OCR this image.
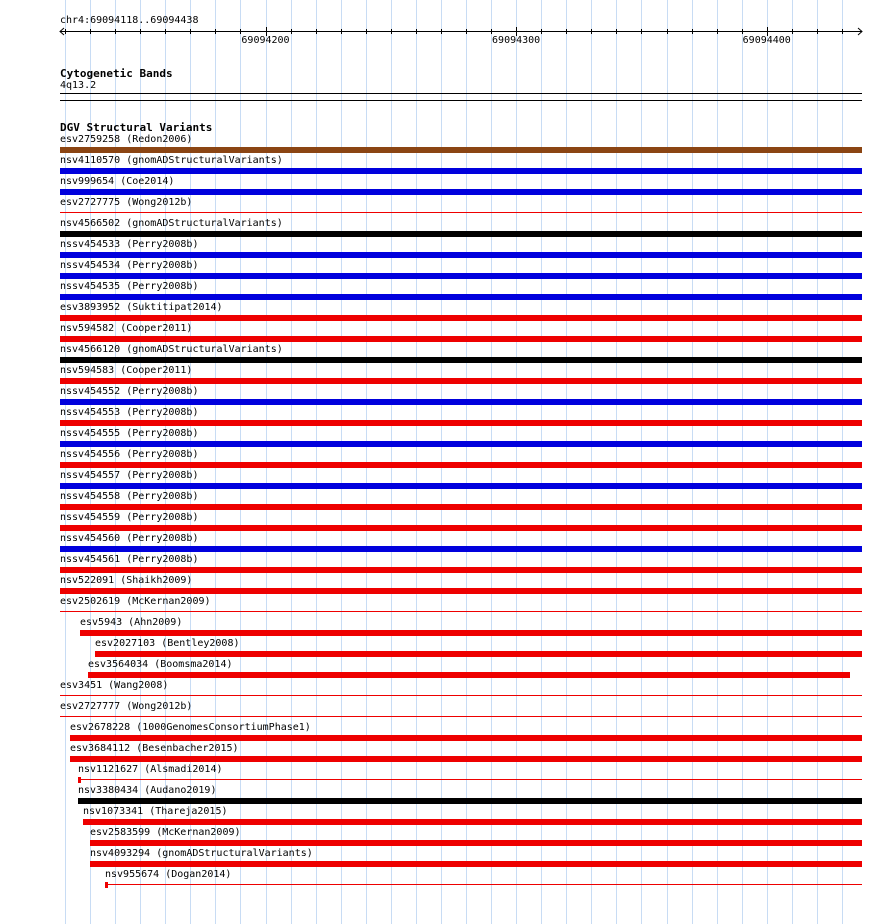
chr4:69094118..69094438
69094200	69094300	69094400
Cytogenetic Bands
4q13.2
DGV Structural Variants
esv2759258 (Redon2006)
nsv4110570 (gnomADStructuralVariants)
nsv999654 (Coe2014)
esv2727775 (Wong2012b)
nsv4566502 (gnomADStructuralVariants)
nssv454533 (Perry2008b)
nssv454534 (Perry2008b)
nssv454535 (Perry2008b)
esv3893952 (Suktitipat2014)
nsv594582 (Cooper2011)
nsv4566120 (gnomADStructuralVariants)
nsv594583 (Cooper2011)
nssv454552 (Perry2008b)
nssv454553 (Perry2008b)
nssv454555 (Perry2008b)
nssv454556 (Perry2008b)
nssv454557 (Perry2008b)
nssv454558 (Perry2008b)
nssv454559 (Perry2008b)
nssv454560 (Perry2008b)
nssv454561 (Perry2008b)
nsv522091 (Shaikh2009)
esv2502619 (McKernan2009)
esv5943 (Ahn2009)
esv2027103 (Bentley2008)
esv3564034 (Boomsma2014)
esv3451 (Wang2008)
esv2727777 (Wong2012b)
esv2678228 (1000GenomesConsortiumPhase1)
esv3684112 (Besenbacher2015)
nsv1121627 (Alsmadi2014)
nsv3380434 (Audano2019)
nsv1073341 (Thareja2015)
esv2583599 (McKernan2009)
nsv4093294 (gnomADStructuralVariants)
nsv955674 (Dogan2014)
